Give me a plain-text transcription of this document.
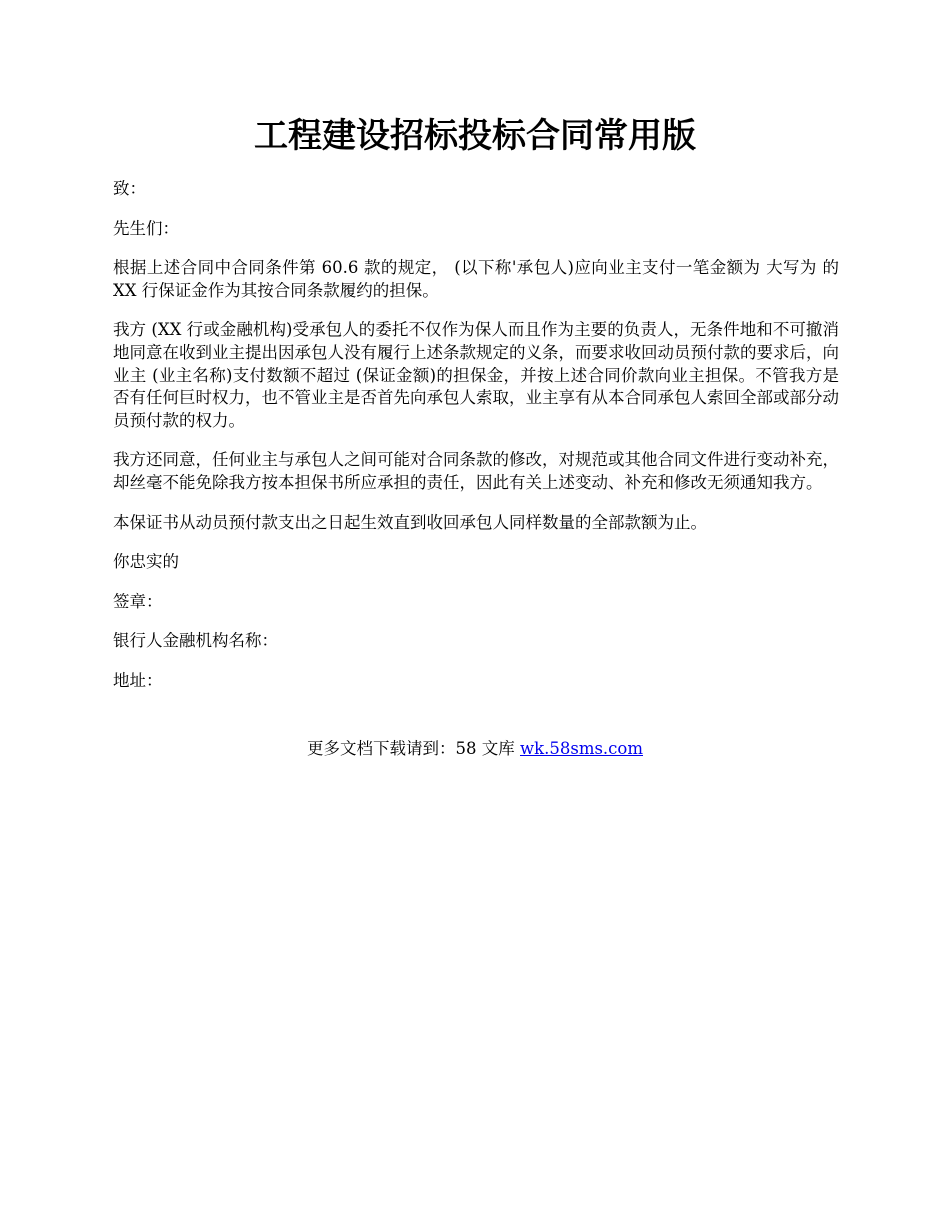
工程建设招标投标合同常用版

致：

先生们：

根据上述合同中合同条件第 60.6 款的规定， (以下称'承包人)应向业主支付一笔金额为 大写为 的 XX 行保证金作为其按合同条款履约的担保。

我方 (XX 行或金融机构)受承包人的委托不仅作为保人而且作为主要的负责人，无条件地和不可撤消地同意在收到业主提出因承包人没有履行上述条款规定的义条，而要求收回动员预付款的要求后，向业主 (业主名称)支付数额不超过 (保证金额)的担保金，并按上述合同价款向业主担保。不管我方是否有任何巨时权力，也不管业主是否首先向承包人索取，业主享有从本合同承包人索回全部或部分动员预付款的权力。

我方还同意，任何业主与承包人之间可能对合同条款的修改，对规范或其他合同文件进行变动补充，却丝毫不能免除我方按本担保书所应承担的责任，因此有关上述变动、补充和修改无须通知我方。

本保证书从动员预付款支出之日起生效直到收回承包人同样数量的全部款额为止。

你忠实的

签章：

银行人金融机构名称：

地址：

更多文档下载请到：58 文库 wk.58sms.com
